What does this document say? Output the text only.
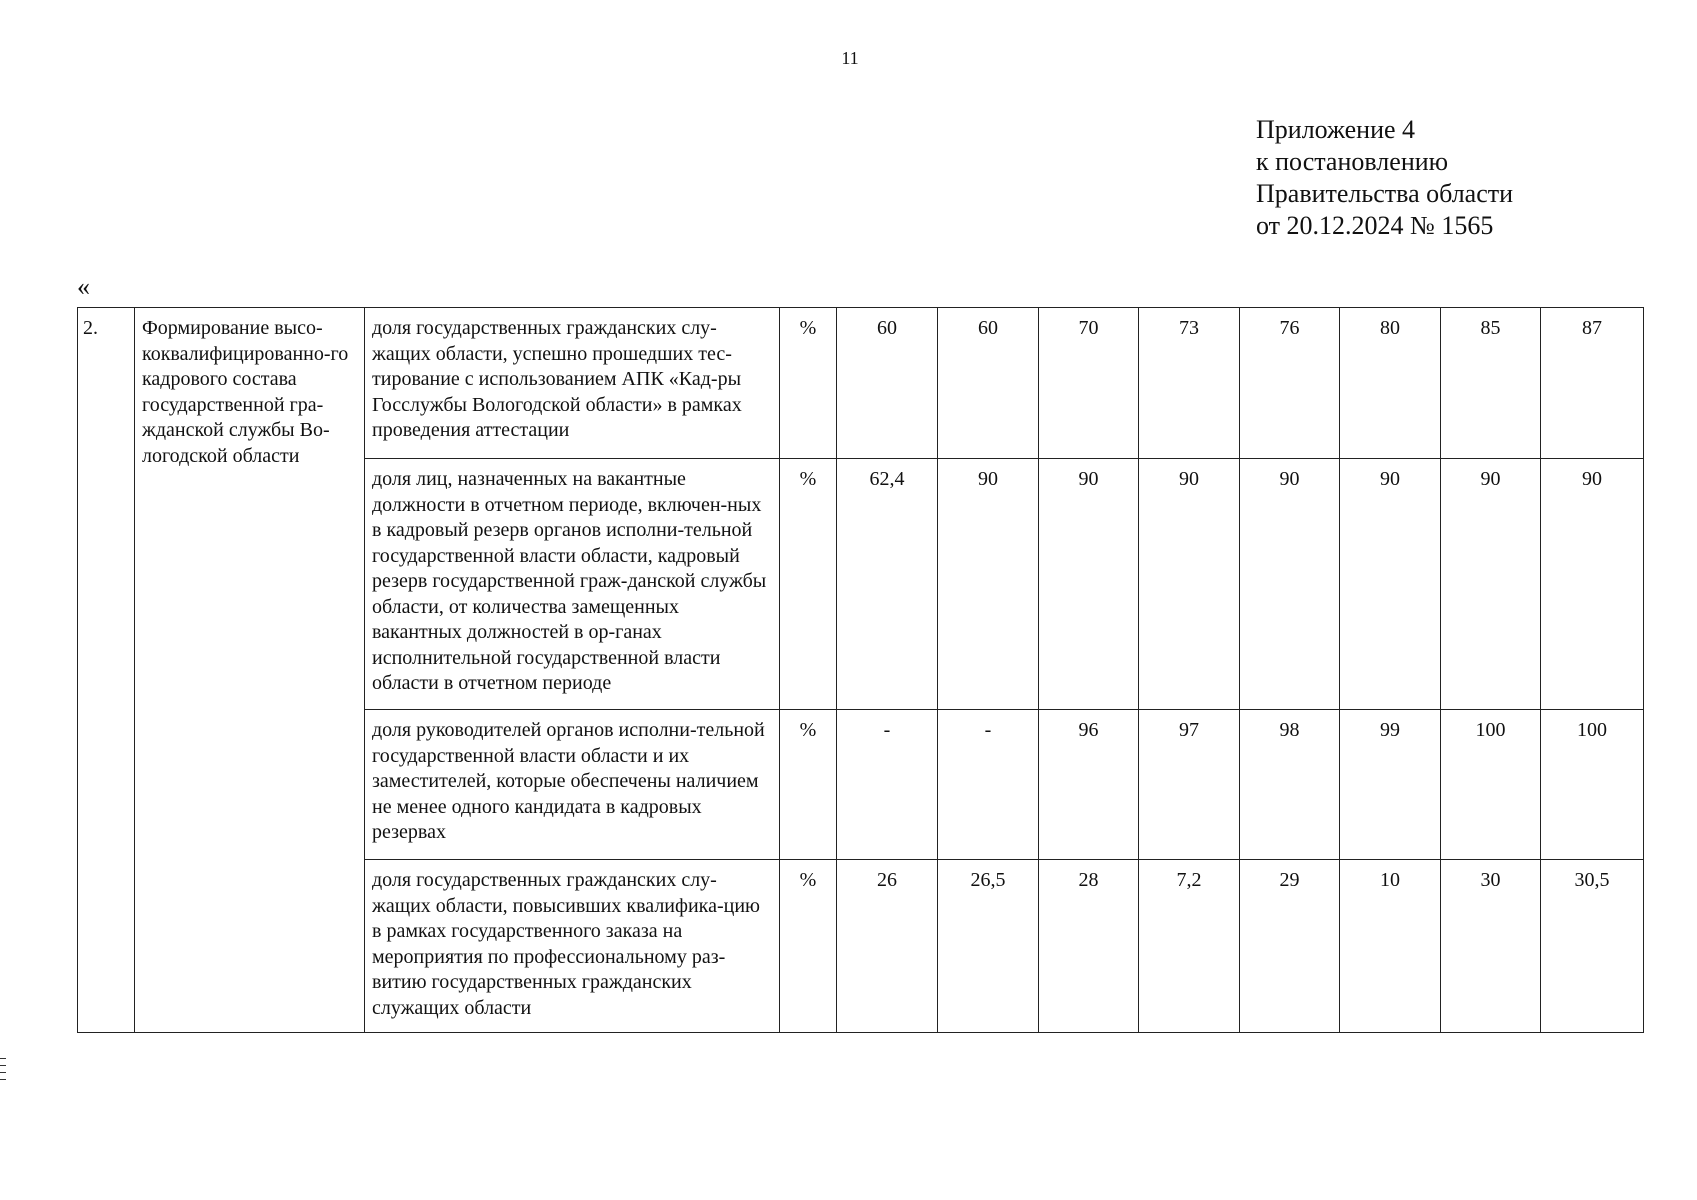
11
Приложение 4
к постановлению
Правительства области
от 20.12.2024 № 1565
«
2.	Формирование высо-коквалифицированно-го кадрового состава государственной гра-жданской службы Во-логодской области	доля государственных гражданских слу-жащих области, успешно прошедших тес-тирование с использованием АПК «Кад-ры Госслужбы Вологодской области» в рамках проведения аттестации	%	60	60	70	73	76	80	85	87
		доля лиц, назначенных на вакантные должности в отчетном периоде, включен-ных в кадровый резерв органов исполни-тельной государственной власти области, кадровый резерв государственной граж-данской службы области, от количества замещенных вакантных должностей в ор-ганах исполнительной государственной власти области в отчетном периоде	%	62,4	90	90	90	90	90	90	90
		доля руководителей органов исполни-тельной государственной власти области и их заместителей, которые обеспечены наличием не менее одного кандидата в кадровых резервах	%	-	-	96	97	98	99	100	100
		доля государственных гражданских слу-жащих области, повысивших квалифика-цию в рамках государственного заказа на мероприятия по профессиональному раз-витию государственных гражданских служащих области	%	26	26,5	28	7,2	29	10	30	30,5
